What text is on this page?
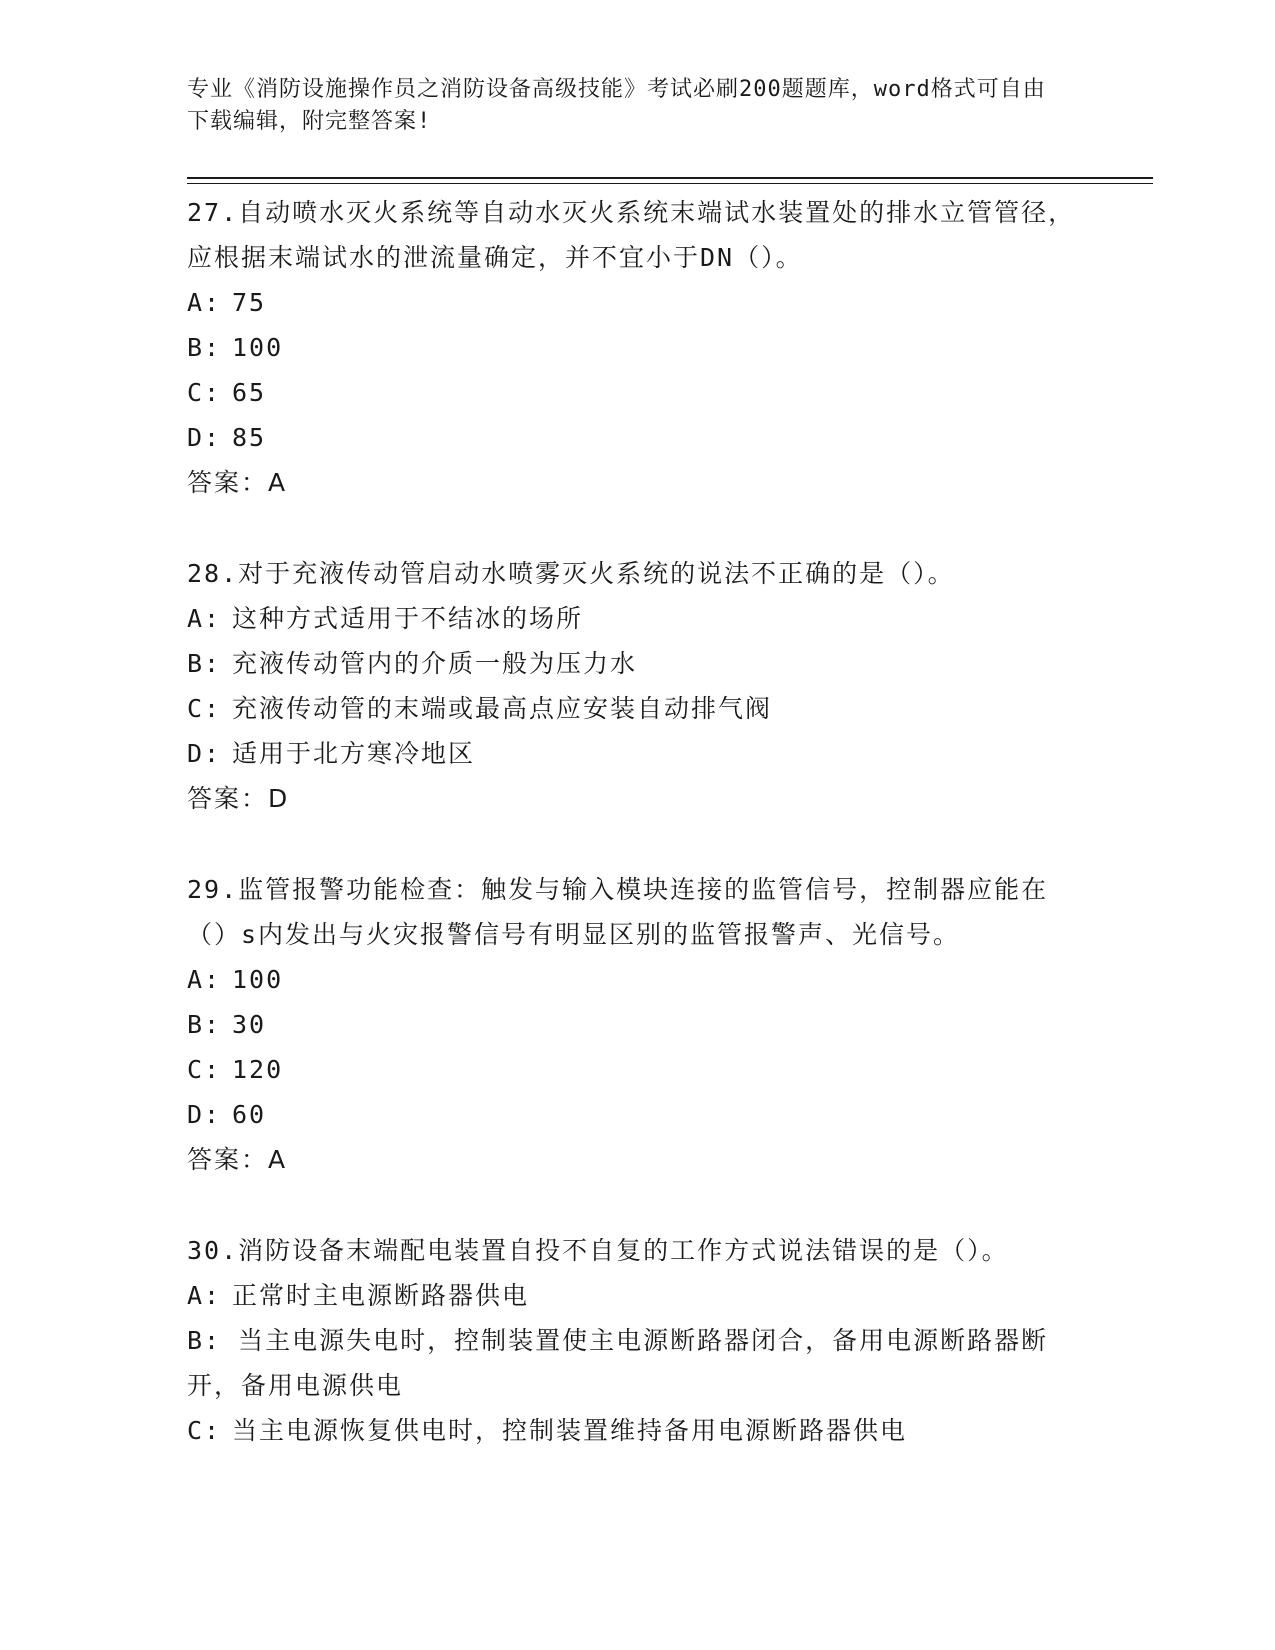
专业《消防设施操作员之消防设备高级技能》考试必刷200题题库，word格式可自由下载编辑，附完整答案!

27.自动喷水灭火系统等自动水灭火系统末端试水装置处的排水立管管径，应根据末端试水的泄流量确定，并不宜小于DN（）。

A: 75
B: 100
C: 65
D: 85
答案：A

28.对于充液传动管启动水喷雾灭火系统的说法不正确的是（）。

A: 这种方式适用于不结冰的场所
B: 充液传动管内的介质一般为压力水
C: 充液传动管的末端或最高点应安装自动排气阀
D: 适用于北方寒冷地区
答案：D

29.监管报警功能检查：触发与输入模块连接的监管信号，控制器应能在（）s内发出与火灾报警信号有明显区别的监管报警声、光信号。

A: 100
B: 30
C: 120
D: 60
答案：A

30.消防设备末端配电装置自投不自复的工作方式说法错误的是（）。

A: 正常时主电源断路器供电
B: 当主电源失电时，控制装置使主电源断路器闭合，备用电源断路器断开，备用电源供电
C: 当主电源恢复供电时，控制装置维持备用电源断路器供电
